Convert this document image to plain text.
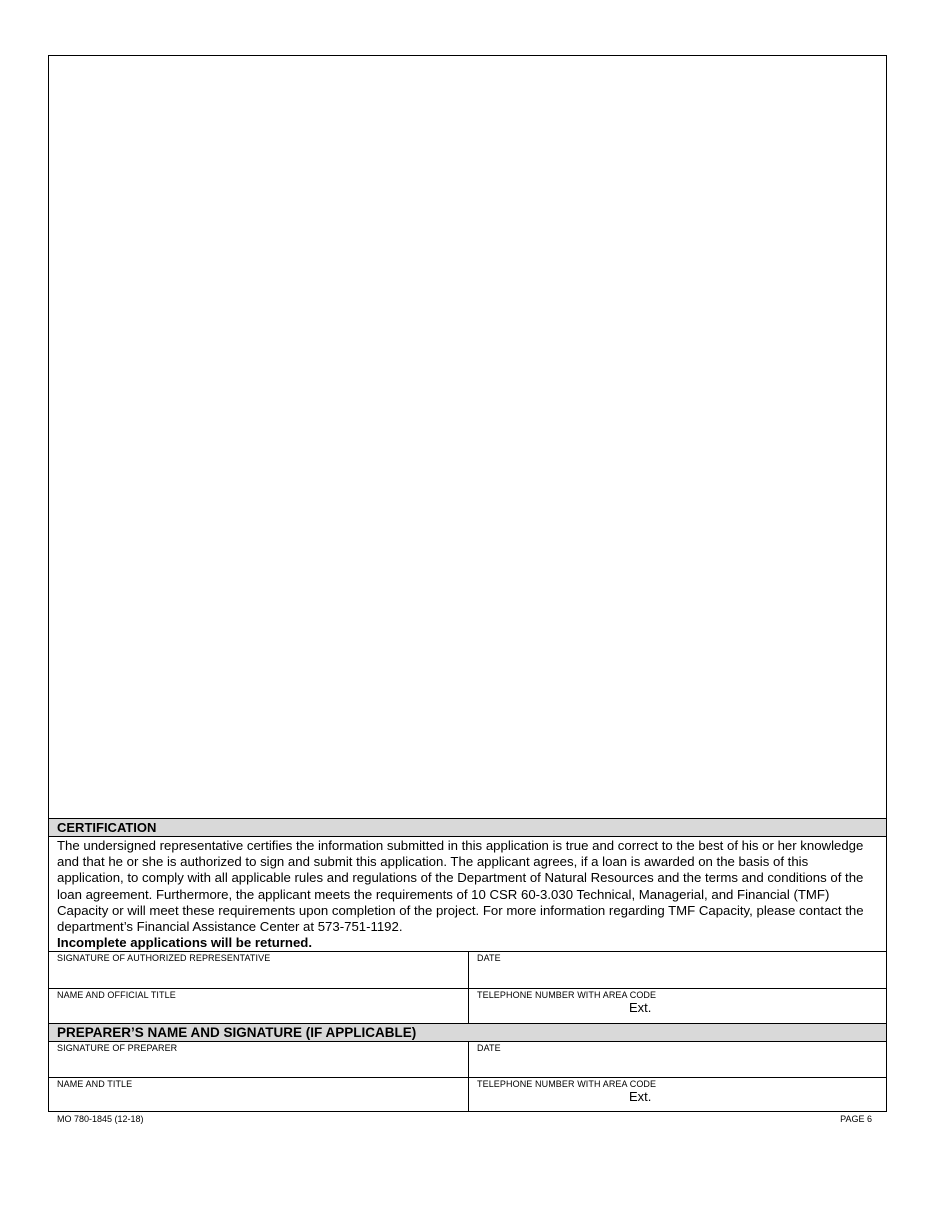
CERTIFICATION
The undersigned representative certifies the information submitted in this application is true and correct to the best of his or her knowledge and that he or she is authorized to sign and submit this application. The applicant agrees, if a loan is awarded on the basis of this application, to comply with all applicable rules and regulations of the Department of Natural Resources and the terms and conditions of the loan agreement. Furthermore, the applicant meets the requirements of 10 CSR 60-3.030 Technical, Managerial, and Financial (TMF) Capacity or will meet these requirements upon completion of the project. For more information regarding TMF Capacity, please contact the department’s Financial Assistance Center at 573-751-1192.
Incomplete applications will be returned.
SIGNATURE OF AUTHORIZED REPRESENTATIVE	DATE
NAME AND OFFICIAL TITLE	TELEPHONE NUMBER WITH AREA CODE
Ext.
PREPARER’S NAME AND SIGNATURE (IF APPLICABLE)
SIGNATURE OF PREPARER	DATE
NAME AND TITLE	TELEPHONE NUMBER WITH AREA CODE
Ext.
MO 780-1845 (12-18)	PAGE 6
